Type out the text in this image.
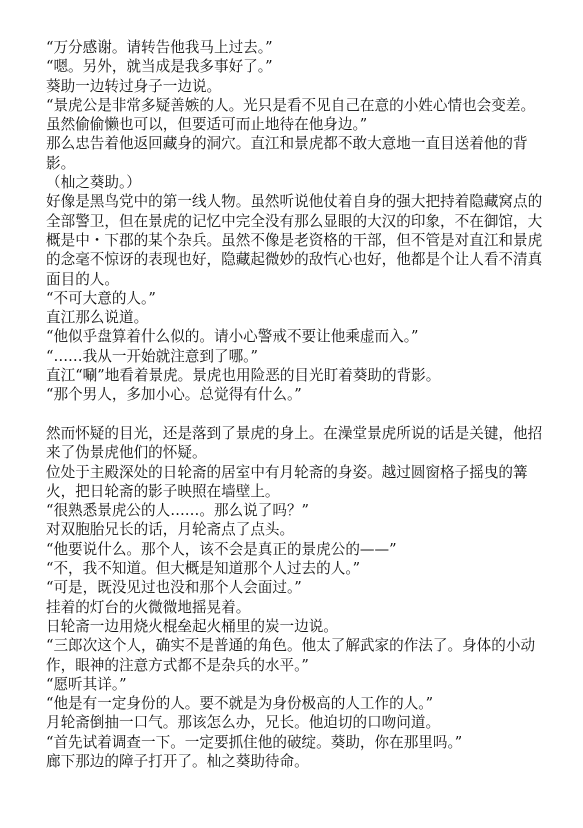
“万分感谢。请转告他我马上过去。”

“嗯。另外，就当成是我多事好了。”

葵助一边转过身子一边说。

“景虎公是非常多疑善嫉的人。光只是看不见自己在意的小姓心情也会变差。虽然偷偷懒也可以，但要适可而止地待在他身边。”

那么忠告着他返回藏身的洞穴。直江和景虎都不敢大意地一直目送着他的背影。

（杣之葵助。）

好像是黑鸟党中的第一线人物。虽然听说他仗着自身的强大把持着隐藏窝点的全部警卫，但在景虎的记忆中完全没有那么显眼的大汉的印象，不在御馆，大概是中・下郡的某个杂兵。虽然不像是老资格的干部，但不管是对直江和景虎的念毫不惊讶的表现也好，隐藏起微妙的敌忾心也好，他都是个让人看不清真面目的人。

“不可大意的人。”

直江那么说道。

“他似乎盘算着什么似的。请小心警戒不要让他乘虚而入。”

“……我从一开始就注意到了哪。”

直江“唰”地看着景虎。景虎也用险恶的目光盯着葵助的背影。

“那个男人，多加小心。总觉得有什么。”

然而怀疑的目光，还是落到了景虎的身上。在澡堂景虎所说的话是关键，他招来了伪景虎他们的怀疑。

位处于主殿深处的日轮斋的居室中有月轮斋的身姿。越过圆窗格子摇曳的篝火，把日轮斋的影子映照在墙壁上。

“很熟悉景虎公的人……。那么说了吗？”

对双胞胎兄长的话，月轮斋点了点头。

“他要说什么。那个人，该不会是真正的景虎公的——”

“不，我不知道。但大概是知道那个人过去的人。”

“可是，既没见过也没和那个人会面过。”

挂着的灯台的火微微地摇晃着。

日轮斋一边用烧火棍垒起火桶里的炭一边说。

“三郎次这个人，确实不是普通的角色。他太了解武家的作法了。身体的小动作，眼神的注意方式都不是杂兵的水平。”

“愿听其详。”

“他是有一定身份的人。要不就是为身份极高的人工作的人。”

月轮斋倒抽一口气。那该怎么办，兄长。他迫切的口吻问道。

“首先试着调查一下。一定要抓住他的破绽。葵助，你在那里吗。”

廊下那边的障子打开了。杣之葵助待命。
